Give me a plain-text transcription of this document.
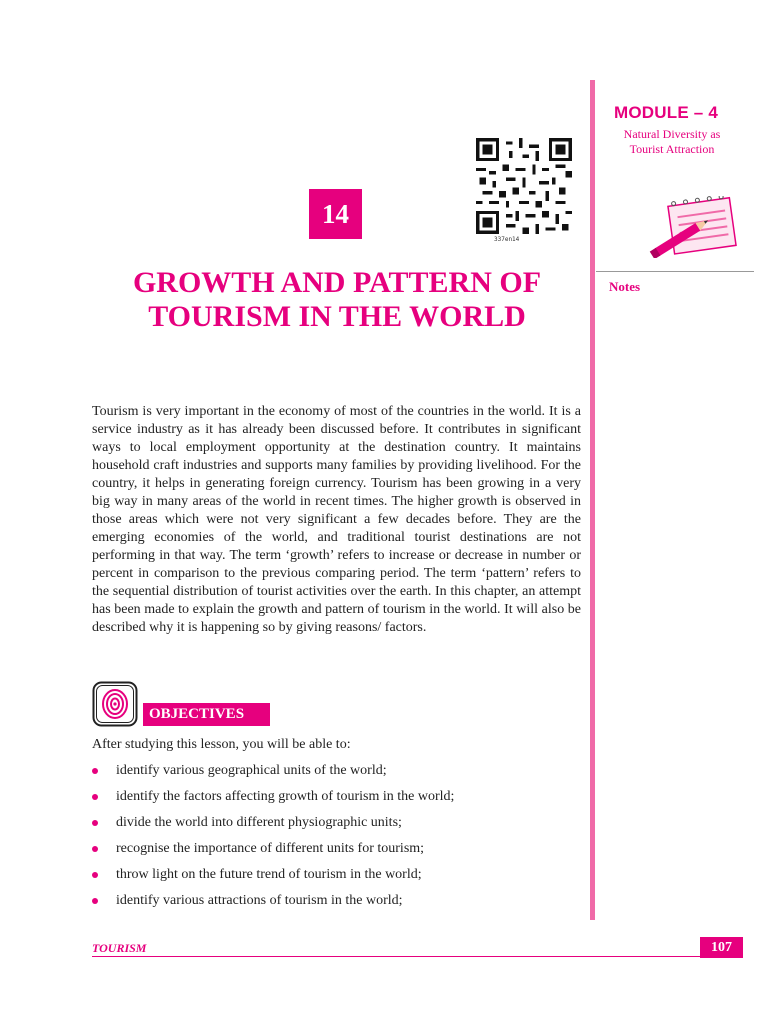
MODULE – 4
Natural Diversity as
Tourist Attraction
Notes
337en14
14
GROWTH AND PATTERN OF
TOURISM IN THE WORLD

Tourism is very important in the economy of most of the countries in the world. It is a service industry as it has already been discussed before. It contributes in significant ways to local employment opportunity at the destination country. It maintains household craft industries and supports many families by providing livelihood. For the country, it helps in generating foreign currency. Tourism has been growing in a very big way in many areas of the world in recent times. The higher growth is observed in those areas which were not very significant a few decades before. They are the emerging economies of the world, and traditional tourist destinations are not performing in that way. The term ‘growth’ refers to increase or decrease in number or percent in comparison to the previous comparing period. The term ‘pattern’ refers to the sequential distribution of tourist activities over the earth. In this chapter, an attempt has been made to explain the growth and pattern of tourism in the world. It will also be described why it is happening so by giving reasons/ factors.

OBJECTIVES
After studying this lesson, you will be able to:
identify various geographical units of the world;
identify the factors affecting growth of tourism in the world;
divide the world into different physiographic units;
recognise the importance of different units for tourism;
throw light on the future trend of tourism in the world;
identify various attractions of tourism in the world;
TOURISM	107
